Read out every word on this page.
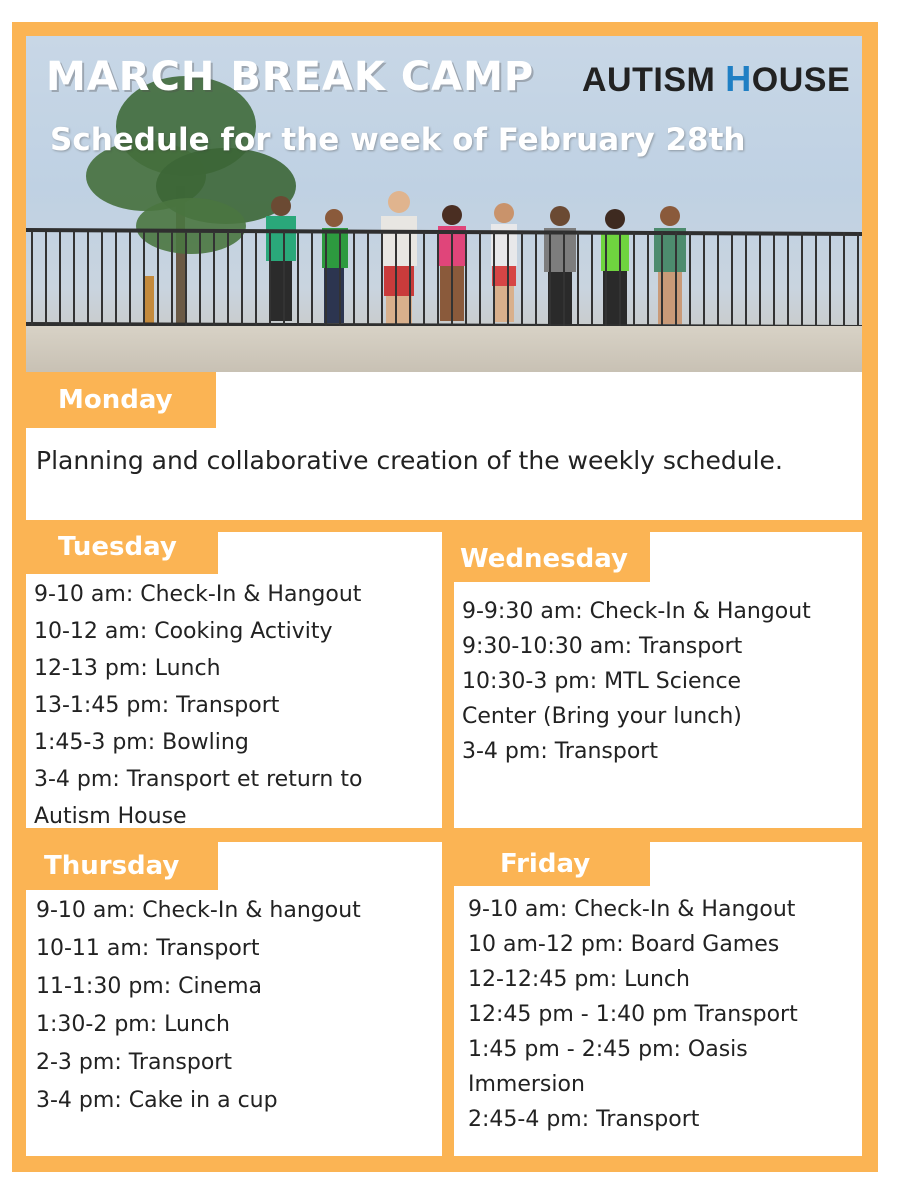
MARCH BREAK CAMP
Schedule for the week of February 28th
AUTISM HOUSE
Monday
Planning and collaborative creation of the weekly schedule.
Tuesday
9-10 am: Check-In & Hangout
10-12 am: Cooking Activity
12-13 pm: Lunch
13-1:45 pm: Transport
1:45-3 pm: Bowling
3-4 pm: Transport et return to
Autism House
Wednesday
9-9:30 am: Check-In & Hangout
9:30-10:30 am: Transport
10:30-3 pm: MTL Science
Center (Bring your lunch)
3-4 pm: Transport
Thursday
9-10 am: Check-In & hangout
10-11 am: Transport
11-1:30 pm: Cinema
1:30-2 pm: Lunch
2-3 pm: Transport
3-4 pm: Cake in a cup
Friday
9-10 am: Check-In & Hangout
10 am-12 pm: Board Games
12-12:45 pm: Lunch
12:45 pm - 1:40 pm Transport
1:45 pm - 2:45 pm: Oasis
Immersion
2:45-4 pm: Transport
